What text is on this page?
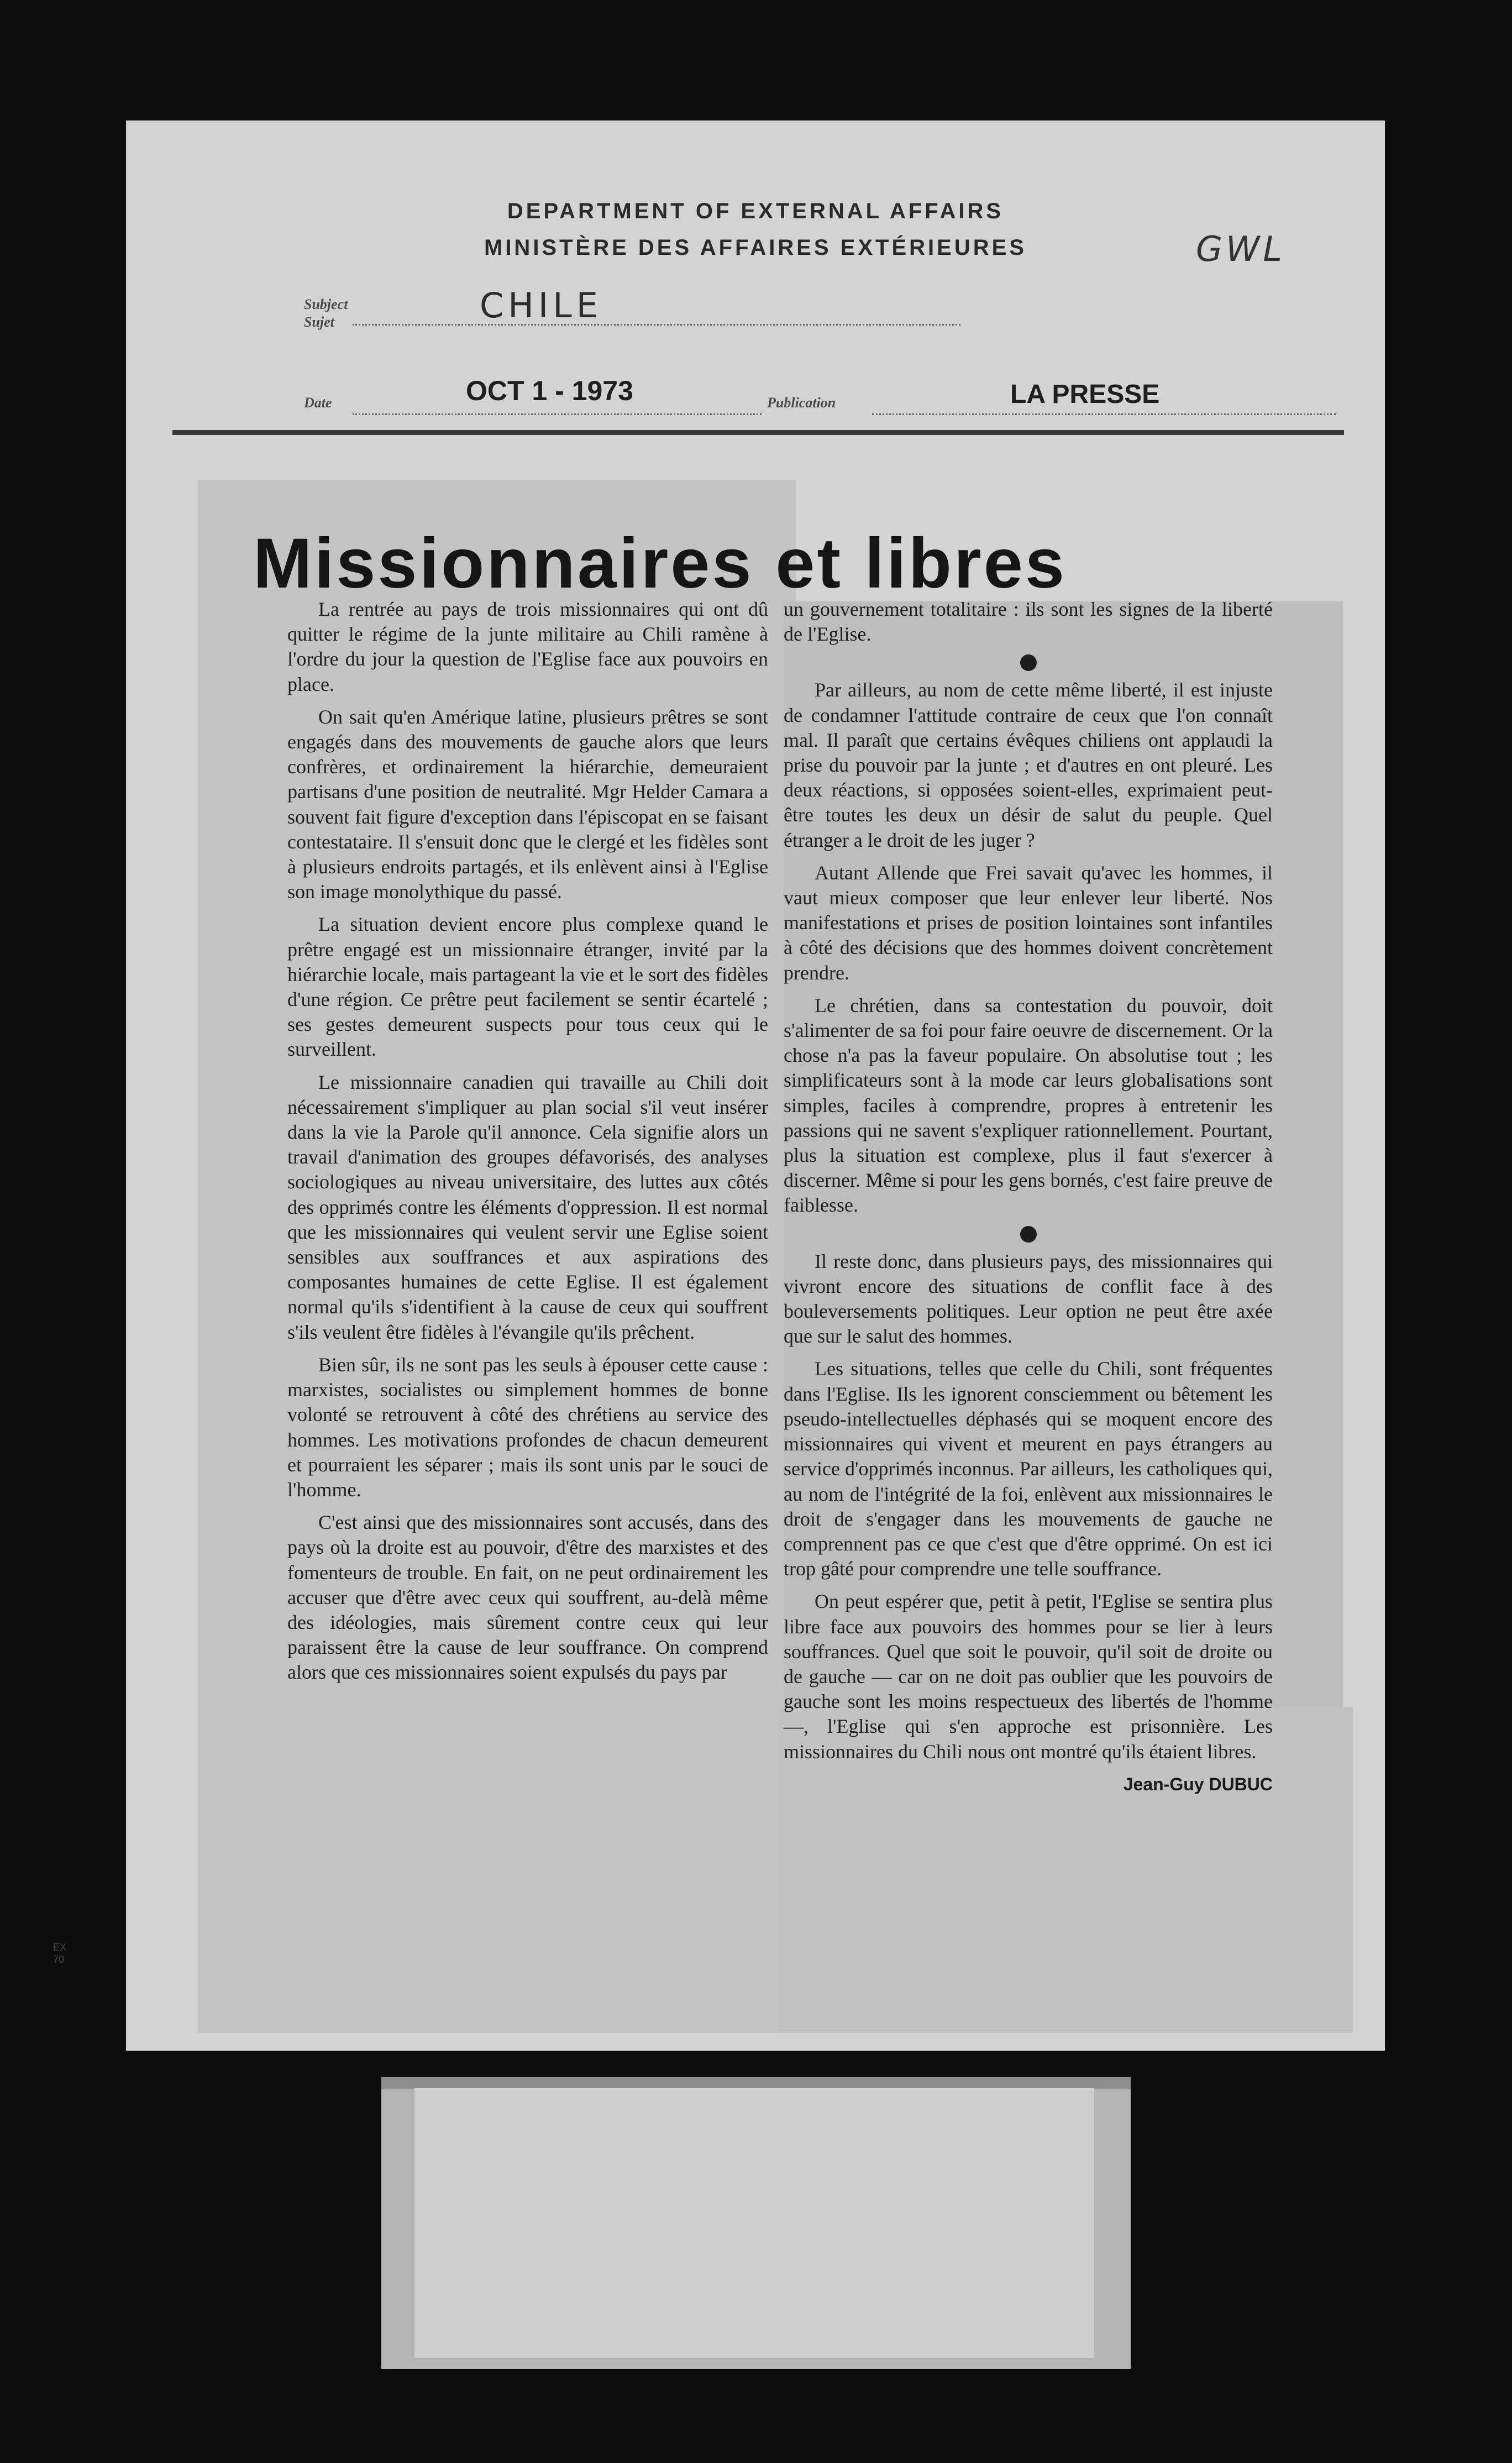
DEPARTMENT OF EXTERNAL AFFAIRS
MINISTÈRE DES AFFAIRES EXTÉRIEURES	GWL
Subject
Sujet	CHILE
Date	OCT 1 - 1973	Publication	LA PRESSE
Missionnaires et libres

La rentrée au pays de trois missionnaires qui ont dû quitter le régime de la junte militaire au Chili ramène à l'ordre du jour la question de l'Eglise face aux pouvoirs en place.

On sait qu'en Amérique latine, plusieurs prêtres se sont engagés dans des mouvements de gauche alors que leurs confrères, et ordinairement la hiérarchie, demeuraient partisans d'une position de neutralité. Mgr Helder Camara a souvent fait figure d'exception dans l'épiscopat en se faisant contestataire. Il s'ensuit donc que le clergé et les fidèles sont à plusieurs endroits partagés, et ils enlèvent ainsi à l'Eglise son image monolythique du passé.

La situation devient encore plus complexe quand le prêtre engagé est un missionnaire étranger, invité par la hiérarchie locale, mais partageant la vie et le sort des fidèles d'une région. Ce prêtre peut facilement se sentir écartelé ; ses gestes demeurent suspects pour tous ceux qui le surveillent.

Le missionnaire canadien qui travaille au Chili doit nécessairement s'impliquer au plan social s'il veut insérer dans la vie la Parole qu'il annonce. Cela signifie alors un travail d'animation des groupes défavorisés, des analyses sociologiques au niveau universitaire, des luttes aux côtés des opprimés contre les éléments d'oppression. Il est normal que les missionnaires qui veulent servir une Eglise soient sensibles aux souffrances et aux aspirations des composantes humaines de cette Eglise. Il est également normal qu'ils s'identifient à la cause de ceux qui souffrent s'ils veulent être fidèles à l'évangile qu'ils prêchent.

Bien sûr, ils ne sont pas les seuls à épouser cette cause : marxistes, socialistes ou simplement hommes de bonne volonté se retrouvent à côté des chrétiens au service des hommes. Les motivations profondes de chacun demeurent et pourraient les séparer ; mais ils sont unis par le souci de l'homme.

C'est ainsi que des missionnaires sont accusés, dans des pays où la droite est au pouvoir, d'être des marxistes et des fomenteurs de trouble. En fait, on ne peut ordinairement les accuser que d'être avec ceux qui souffrent, au-delà même des idéologies, mais sûrement contre ceux qui leur paraissent être la cause de leur souffrance. On comprend alors que ces missionnaires soient expulsés du pays par

un gouvernement totalitaire : ils sont les signes de la liberté de l'Eglise.

Par ailleurs, au nom de cette même liberté, il est injuste de condamner l'attitude contraire de ceux que l'on connaît mal. Il paraît que certains évêques chiliens ont applaudi la prise du pouvoir par la junte ; et d'autres en ont pleuré. Les deux réactions, si opposées soient-elles, exprimaient peut-être toutes les deux un désir de salut du peuple. Quel étranger a le droit de les juger ?

Autant Allende que Frei savait qu'avec les hommes, il vaut mieux composer que leur enlever leur liberté. Nos manifestations et prises de position lointaines sont infantiles à côté des décisions que des hommes doivent concrètement prendre.

Le chrétien, dans sa contestation du pouvoir, doit s'alimenter de sa foi pour faire oeuvre de discernement. Or la chose n'a pas la faveur populaire. On absolutise tout ; les simplificateurs sont à la mode car leurs globalisations sont simples, faciles à comprendre, propres à entretenir les passions qui ne savent s'expliquer rationnellement. Pourtant, plus la situation est complexe, plus il faut s'exercer à discerner. Même si pour les gens bornés, c'est faire preuve de faiblesse.

Il reste donc, dans plusieurs pays, des missionnaires qui vivront encore des situations de conflit face à des bouleversements politiques. Leur option ne peut être axée que sur le salut des hommes.

Les situations, telles que celle du Chili, sont fréquentes dans l'Eglise. Ils les ignorent consciemment ou bêtement les pseudo-intellectuelles déphasés qui se moquent encore des missionnaires qui vivent et meurent en pays étrangers au service d'opprimés inconnus. Par ailleurs, les catholiques qui, au nom de l'intégrité de la foi, enlèvent aux missionnaires le droit de s'engager dans les mouvements de gauche ne comprennent pas ce que c'est que d'être opprimé. On est ici trop gâté pour comprendre une telle souffrance.

On peut espérer que, petit à petit, l'Eglise se sentira plus libre face aux pouvoirs des hommes pour se lier à leurs souffrances. Quel que soit le pouvoir, qu'il soit de droite ou de gauche — car on ne doit pas oublier que les pouvoirs de gauche sont les moins respectueux des libertés de l'homme —, l'Eglise qui s'en approche est prisonnière. Les missionnaires du Chili nous ont montré qu'ils étaient libres.

Jean-Guy DUBUC
EX 70
